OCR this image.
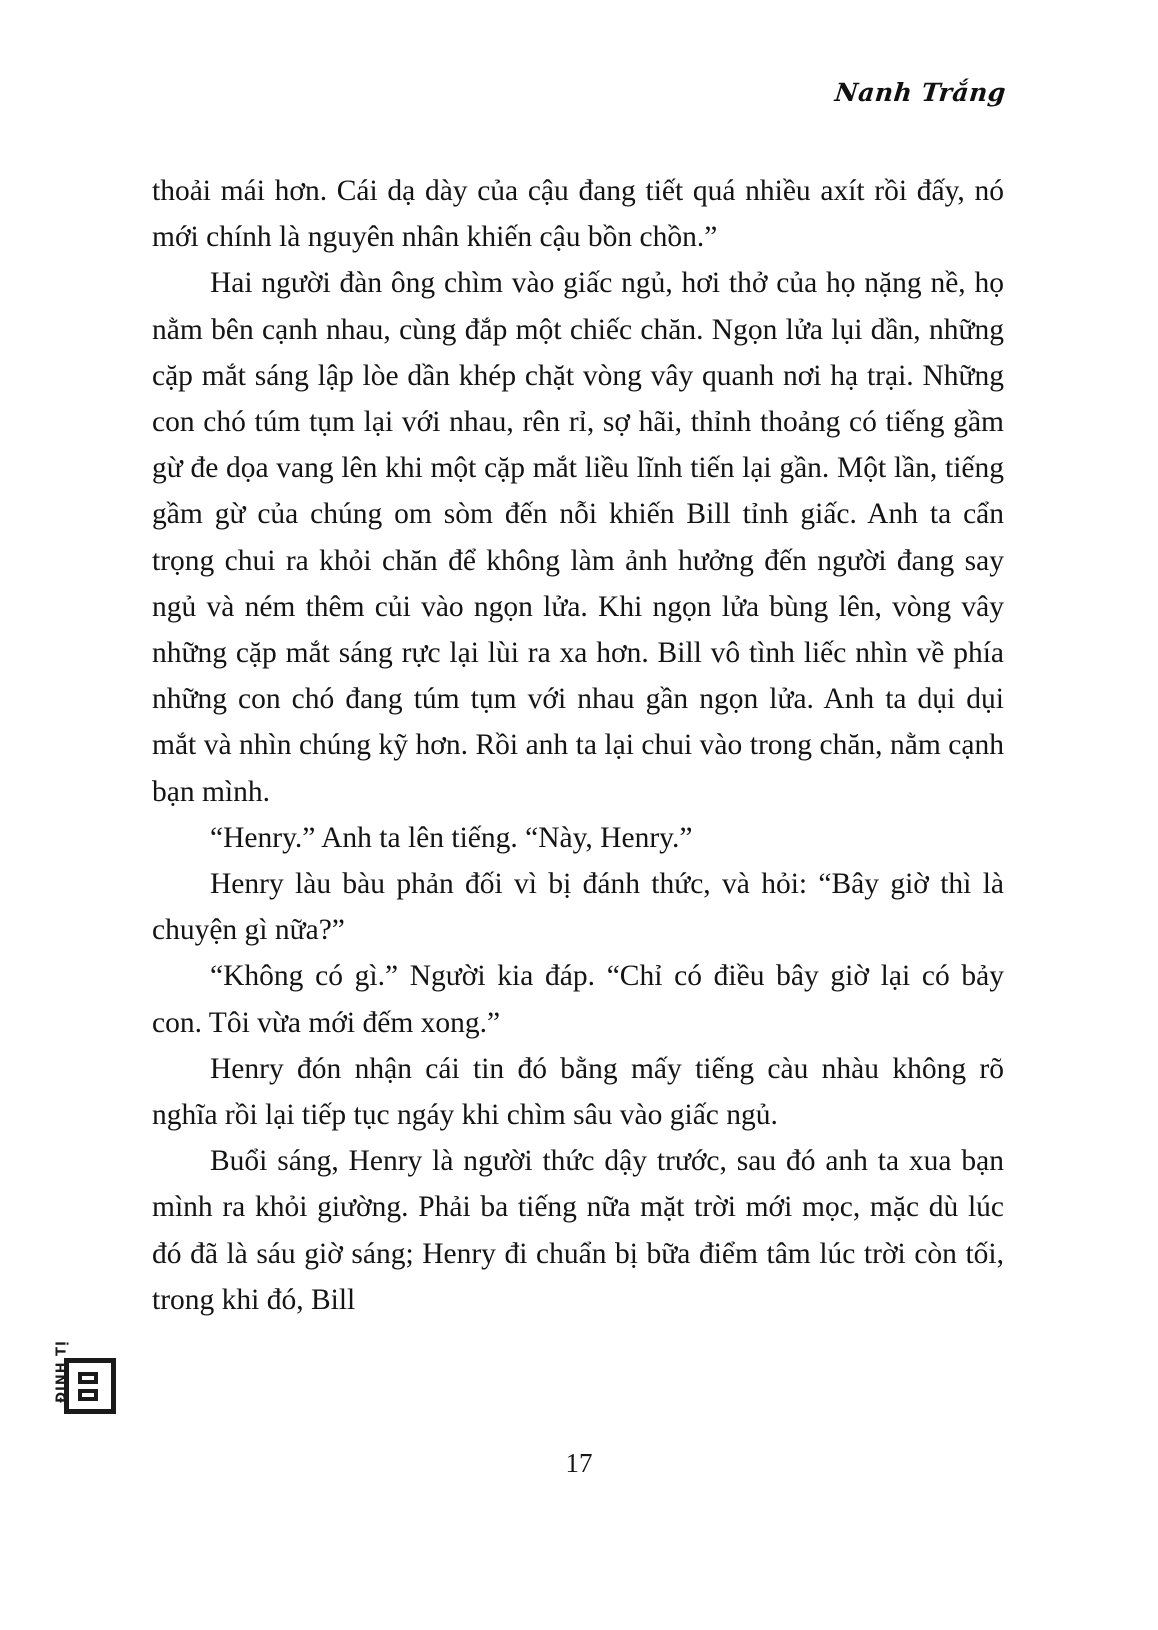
Nanh Trắng

thoải mái hơn. Cái dạ dày của cậu đang tiết quá nhiều axít rồi đấy, nó mới chính là nguyên nhân khiến cậu bồn chồn.”

Hai người đàn ông chìm vào giấc ngủ, hơi thở của họ nặng nề, họ nằm bên cạnh nhau, cùng đắp một chiếc chăn. Ngọn lửa lụi dần, những cặp mắt sáng lập lòe dần khép chặt vòng vây quanh nơi hạ trại. Những con chó túm tụm lại với nhau, rên rỉ, sợ hãi, thỉnh thoảng có tiếng gầm gừ đe dọa vang lên khi một cặp mắt liều lĩnh tiến lại gần. Một lần, tiếng gầm gừ của chúng om sòm đến nỗi khiến Bill tỉnh giấc. Anh ta cẩn trọng chui ra khỏi chăn để không làm ảnh hưởng đến người đang say ngủ và ném thêm củi vào ngọn lửa. Khi ngọn lửa bùng lên, vòng vây những cặp mắt sáng rực lại lùi ra xa hơn. Bill vô tình liếc nhìn về phía những con chó đang túm tụm với nhau gần ngọn lửa. Anh ta dụi dụi mắt và nhìn chúng kỹ hơn. Rồi anh ta lại chui vào trong chăn, nằm cạnh bạn mình.

“Henry.” Anh ta lên tiếng. “Này, Henry.”

Henry làu bàu phản đối vì bị đánh thức, và hỏi: “Bây giờ thì là chuyện gì nữa?”

“Không có gì.” Người kia đáp. “Chỉ có điều bây giờ lại có bảy con. Tôi vừa mới đếm xong.”

Henry đón nhận cái tin đó bằng mấy tiếng càu nhàu không rõ nghĩa rồi lại tiếp tục ngáy khi chìm sâu vào giấc ngủ.

Buổi sáng, Henry là người thức dậy trước, sau đó anh ta xua bạn mình ra khỏi giường. Phải ba tiếng nữa mặt trời mới mọc, mặc dù lúc đó đã là sáu giờ sáng; Henry đi chuẩn bị bữa điểm tâm lúc trời còn tối, trong khi đó, Bill

17
ĐINH TỊ
